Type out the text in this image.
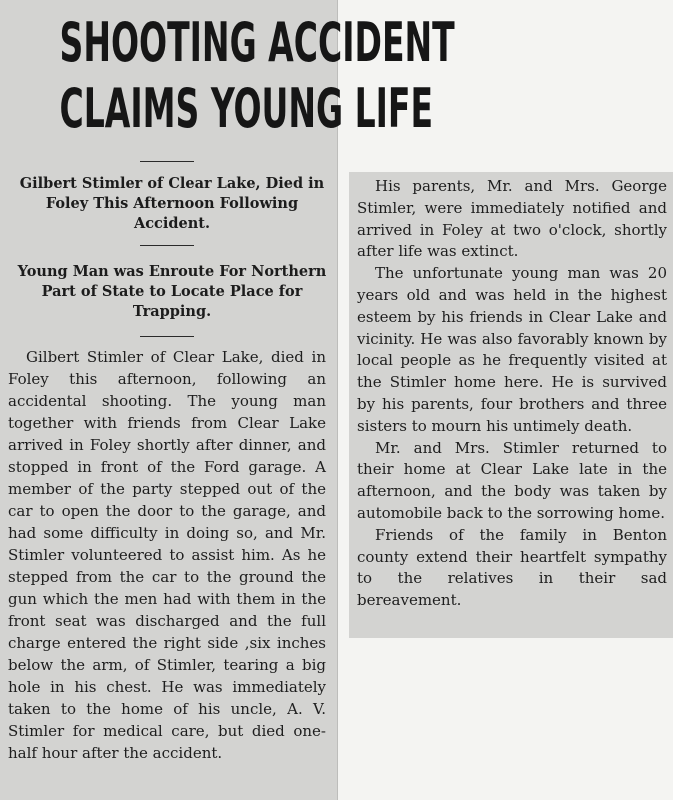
SHOOTING ACCIDENT
CLAIMS YOUNG LIFE
Gilbert Stimler of Clear Lake, Died in Foley This Afternoon Following Accident.
Young Man was Enroute For Northern Part of State to Locate Place for Trapping.

Gilbert Stimler of Clear Lake, died in Foley this afternoon, following an accidental shooting. The young man together with friends from Clear Lake arrived in Foley shortly after dinner, and stopped in front of the Ford garage. A member of the party stepped out of the car to open the door to the garage, and had some difficulty in doing so, and Mr. Stimler volunteered to assist him. As he stepped from the car to the ground the gun which the men had with them in the front seat was discharged and the full charge entered the right side ,six inches below the arm, of Stimler, tearing a big hole in his chest. He was immediately taken to the home of his uncle, A. V. Stimler for medical care, but died one-half hour after the accident.

His parents, Mr. and Mrs. George Stimler, were immediately notified and arrived in Foley at two o'clock, shortly after life was extinct.

The unfortunate young man was 20 years old and was held in the highest esteem by his friends in Clear Lake and vicinity. He was also favorably known by local people as he frequently visited at the Stimler home here. He is survived by his parents, four brothers and three sisters to mourn his untimely death.

Mr. and Mrs. Stimler returned to their home at Clear Lake late in the afternoon, and the body was taken by automobile back to the sorrowing home.

Friends of the family in Benton county extend their heartfelt sympathy to the relatives in their sad bereavement.
